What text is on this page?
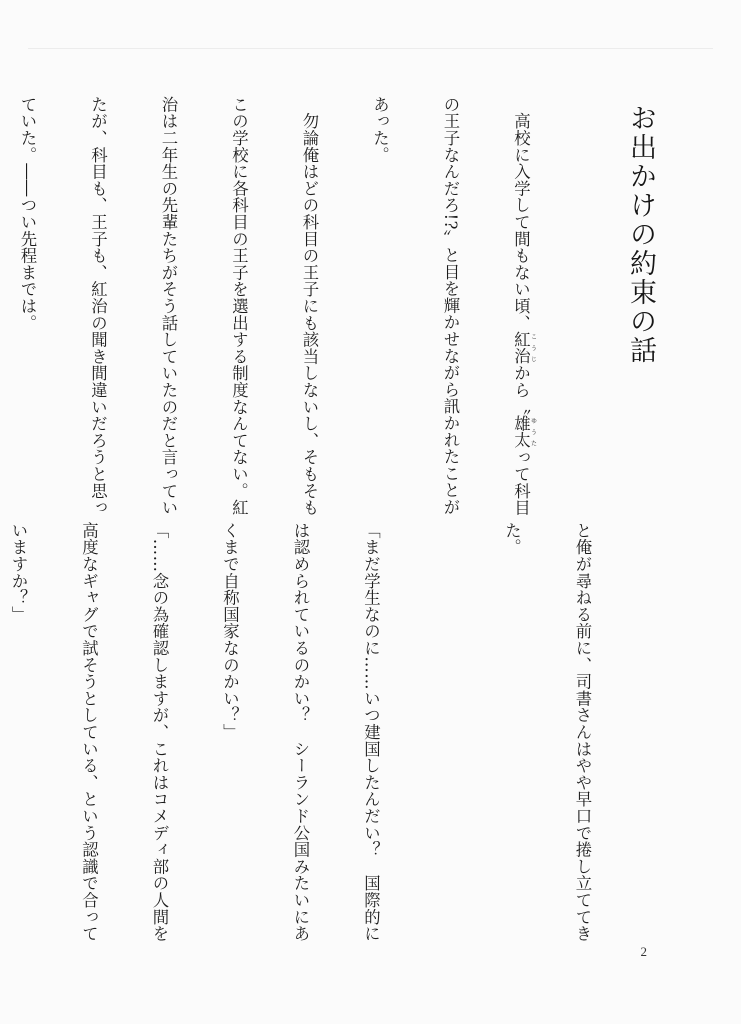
お出かけの約束の話

　高校に入学して間もない頃、紅治 こうじから〝雄太 ゆうたって科目

の王子なんだろ!?〟と目を輝かせながら訊かれたことが

あった。

　勿論俺はどの科目の王子にも該当しないし、そもそも

この学校に各科目の王子を選出する制度なんてない。紅

治は二年生の先輩たちがそう話していたのだと言ってい

たが、科目も、王子も、紅治の聞き間違いだろうと思っ

ていた。――つい先程までは。

と俺が尋ねる前に、司書さんはやや早口で捲し立ててき

た。

「まだ学生なのに……いつ建国したんだい？　国際的に

は認められているのかい？　シーランド公国みたいにあ

くまで自称国家なのかい？」

「……念の為確認しますが、これはコメディ部の人間を

高度なギャグで試そうとしている、という認識で合って

いますか？」

2
